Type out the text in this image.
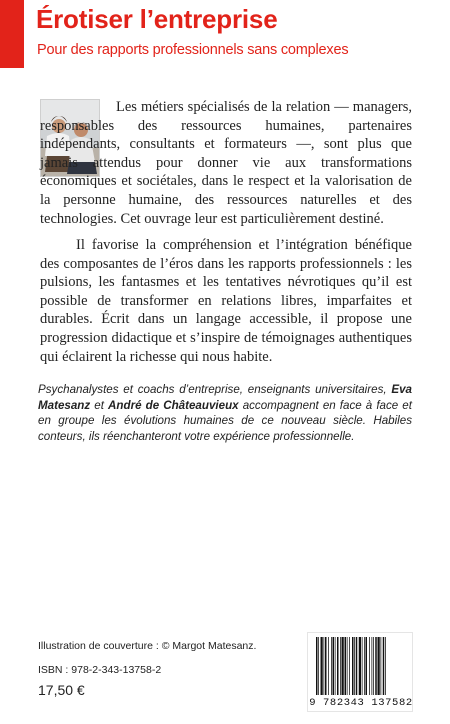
Érotiser l’entreprise
Pour des rapports professionnels sans complexes
Les métiers spécialisés de la relation — managers, responsables des ressources humaines, partenaires indépendants, consultants et formateurs —, sont plus que jamais attendus pour donner vie aux transformations économiques et sociétales, dans le respect et la valorisation de la personne humaine, des ressources naturelles et des technologies. Cet ouvrage leur est particulièrement destiné.
Il favorise la compréhension et l’intégration bénéfique des composantes de l’éros dans les rapports professionnels : les pulsions, les fantasmes et les tentatives névrotiques qu’il est possible de transformer en relations libres, imparfaites et durables. Écrit dans un langage accessible, il propose une progression didactique et s’inspire de témoignages authentiques qui éclairent la richesse qui nous habite.
Psychanalystes et coachs d’entreprise, enseignants universitaires, Eva Matesanz et André de Châteauvieux accompagnent en face à face et en groupe les évolutions humaines de ce nouveau siècle. Habiles conteurs, ils réenchanteront votre expérience professionnelle.
Illustration de couverture : © Margot Matesanz.
ISBN : 978-2-343-13758-2
17,50 €
9 782343 137582
